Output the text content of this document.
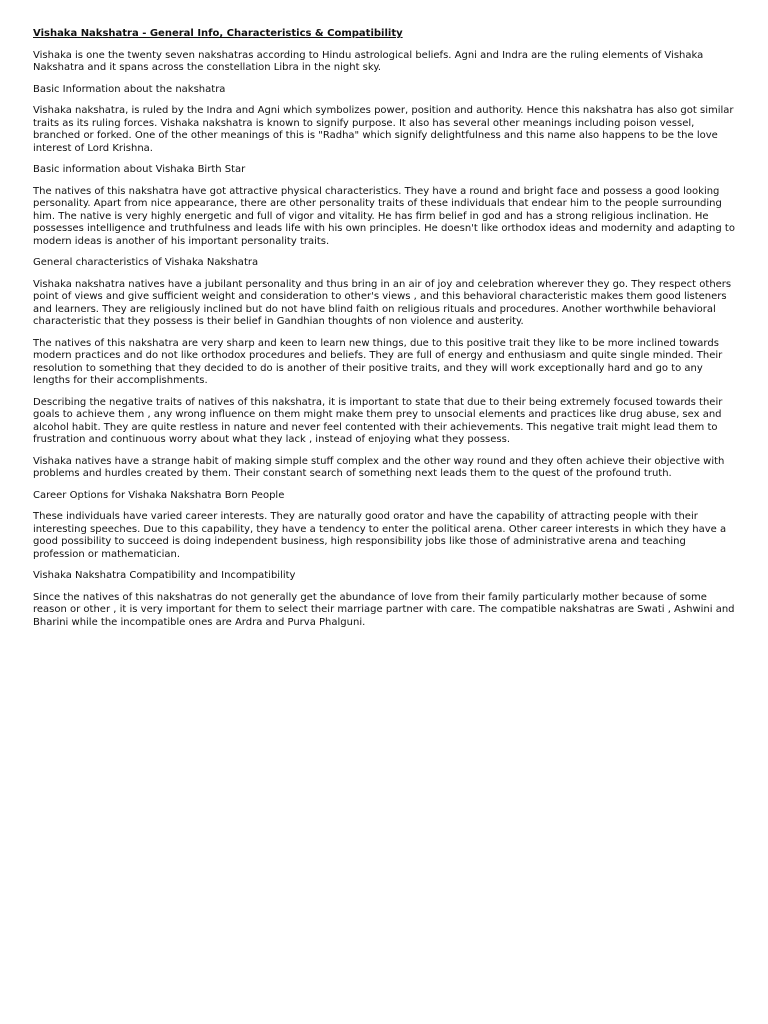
Vishaka Nakshatra - General Info, Characteristics & Compatibility

Vishaka is one the twenty seven nakshatras according to Hindu astrological beliefs. Agni and Indra are the ruling elements of Vishaka Nakshatra and it spans across the constellation Libra in the night sky.

Basic Information about the nakshatra

Vishaka nakshatra, is ruled by the Indra and Agni which symbolizes power, position and authority. Hence this nakshatra has also got similar traits as its ruling forces. Vishaka nakshatra is known to signify purpose. It also has several other meanings including poison vessel, branched or forked. One of the other meanings of this is "Radha" which signify delightfulness and this name also happens to be the love interest of Lord Krishna.

Basic information about Vishaka Birth Star

The natives of this nakshatra have got attractive physical characteristics. They have a round and bright face and possess a good looking personality. Apart from nice appearance, there are other personality traits of these individuals that endear him to the people surrounding him. The native is very highly energetic and full of vigor and vitality. He has firm belief in god and has a strong religious inclination. He possesses intelligence and truthfulness and leads life with his own principles. He doesn't like orthodox ideas and modernity and adapting to modern ideas is another of his important personality traits.

General characteristics of Vishaka Nakshatra

Vishaka nakshatra natives have a jubilant personality and thus bring in an air of joy and celebration wherever they go. They respect others point of views and give sufficient weight and consideration to other's views , and this behavioral characteristic makes them good listeners and learners. They are religiously inclined but do not have blind faith on religious rituals and procedures. Another worthwhile behavioral characteristic that they possess is their belief in Gandhian thoughts of non violence and austerity.

The natives of this nakshatra are very sharp and keen to learn new things, due to this positive trait they like to be more inclined towards modern practices and do not like orthodox procedures and beliefs. They are full of energy and enthusiasm and quite single minded. Their resolution to something that they decided to do is another of their positive traits, and they will work exceptionally hard and go to any lengths for their accomplishments.

Describing the negative traits of natives of this nakshatra, it is important to state that due to their being extremely focused towards their goals to achieve them , any wrong influence on them might make them prey to unsocial elements and practices like drug abuse, sex and alcohol habit. They are quite restless in nature and never feel contented with their achievements. This negative trait might lead them to frustration and continuous worry about what they lack , instead of enjoying what they possess.

Vishaka natives have a strange habit of making simple stuff complex and the other way round and they often achieve their objective with problems and hurdles created by them. Their constant search of something next leads them to the quest of the profound truth.

Career Options for Vishaka Nakshatra Born People

These individuals have varied career interests. They are naturally good orator and have the capability of attracting people with their interesting speeches. Due to this capability, they have a tendency to enter the political arena. Other career interests in which they have a good possibility to succeed is doing independent business, high responsibility jobs like those of administrative arena and teaching profession or mathematician.

Vishaka Nakshatra Compatibility and Incompatibility

Since the natives of this nakshatras do not generally get the abundance of love from their family particularly mother because of some reason or other , it is very important for them to select their marriage partner with care. The compatible nakshatras are Swati , Ashwini and Bharini while the incompatible ones are Ardra and Purva Phalguni.
